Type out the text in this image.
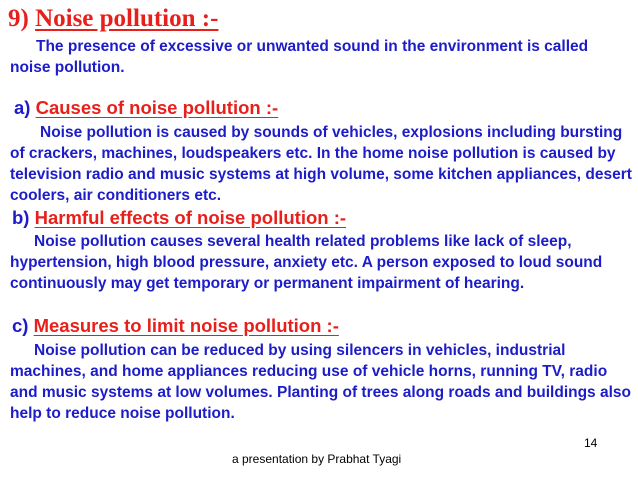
9) Noise pollution :-

The presence of excessive or unwanted sound in the environment is called noise pollution.

a) Causes of noise pollution :-

Noise pollution is caused by sounds of vehicles, explosions including bursting of crackers, machines, loudspeakers etc. In the home noise pollution is caused by television radio and music systems at high volume, some kitchen appliances, desert coolers, air conditioners etc.

b) Harmful effects of noise pollution :-

Noise pollution causes several health related problems like lack of sleep, hypertension, high blood pressure, anxiety etc. A person exposed to loud sound continuously may get temporary or permanent impairment of hearing.

c) Measures to limit noise pollution :-

Noise pollution can be reduced by using silencers in vehicles, industrial machines, and home appliances reducing use of vehicle horns, running TV, radio and music systems at low volumes. Planting of trees along roads and buildings also help to reduce noise pollution.

14
a presentation by Prabhat Tyagi
